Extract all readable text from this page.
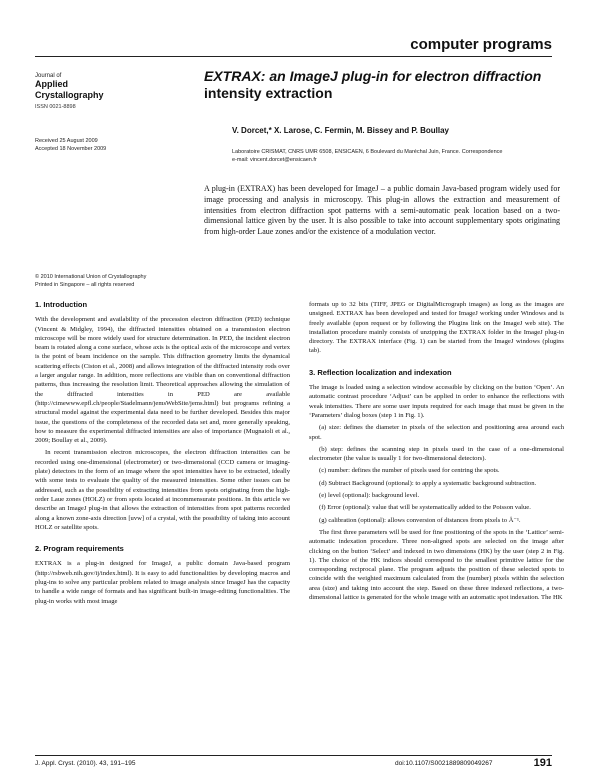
computer programs
Journal of
Applied
Crystallography
ISSN 0021-8898
Received 25 August 2009
Accepted 18 November 2009
© 2010 International Union of Crystallography
Printed in Singapore – all rights reserved
EXTRAX: an ImageJ plug-in for electron diffraction
intensity extraction
V. Dorcet,* X. Larose, C. Fermin, M. Bissey and P. Boullay
Laboratoire CRISMAT, CNRS UMR 6508, ENSICAEN, 6 Boulevard du Maréchal Juin, France. Correspondence
e-mail: vincent.dorcet@ensicaen.fr
A plug-in (EXTRAX) has been developed for ImageJ – a public domain Java-based program widely used for image processing and analysis in microscopy. This plug-in allows the extraction and measurement of intensities from electron diffraction spot patterns with a semi-automatic peak location based on a two-dimensional lattice given by the user. It is also possible to take into account supplementary spots originating from high-order Laue zones and/or the existence of a modulation vector.
1. Introduction

With the development and availability of the precession electron diffraction (PED) technique (Vincent & Midgley, 1994), the diffracted intensities obtained on a transmission electron microscope will be more widely used for structure determination. In PED, the incident electron beam is rotated along a cone surface, whose axis is the optical axis of the microscope and vertex is the point of beam incidence on the sample. This diffraction geometry limits the dynamical scattering effects (Ciston et al., 2008) and allows integration of the diffracted intensity rods over a larger angular range. In addition, more reflections are visible than on conventional diffraction patterns, thus increasing the resolution limit. Theoretical approaches allowing the simulation of the diffracted intensities in PED are available (http://cimewww.epfl.ch/people/Stadelmann/jemsWebSite/jems.html) but programs refining a structural model against the experimental data need to be further developed. Besides this major issue, the questions of the completeness of the recorded data set and, more generally speaking, how to measure the experimental diffracted intensities are also of importance (Mugnaioli et al., 2009; Boullay et al., 2009).

In recent transmission electron microscopes, the electron diffraction intensities can be recorded using one-dimensional (electrometer) or two-dimensional (CCD camera or imaging-plate) detectors in the form of an image where the spot intensities have to be extracted, ideally with some tests to evaluate the quality of the measured intensities. Some other issues can be addressed, such as the possibility of extracting intensities from spots originating from the high-order Laue zones (HOLZ) or from spots located at incommensurate positions. In this article we describe an ImageJ plug-in that allows the extraction of intensities from spot patterns recorded along a known zone-axis direction [uvw] of a crystal, with the possibility of taking into account HOLZ or satellite spots.

2. Program requirements

EXTRAX is a plug-in designed for ImageJ, a public domain Java-based program (http://rsbweb.nih.gov/ij/index.html). It is easy to add functionalities by developing macros and plug-ins to solve any particular problem related to image analysis since ImageJ has the capacity to handle a wide range of formats and has significant built-in image-editing functionalities. The plug-in works with most image

formats up to 32 bits (TIFF, JPEG or DigitalMicrograph images) as long as the images are unsigned. EXTRAX has been developed and tested for ImageJ working under Windows and is freely available (upon request or by following the Plugins link on the ImageJ web site). The installation procedure mainly consists of unzipping the EXTRAX folder in the ImageJ plug-in directory. The EXTRAX interface (Fig. 1) can be started from the ImageJ windows (plugins tab).

3. Reflection localization and indexation

The image is loaded using a selection window accessible by clicking on the button ‘Open’. An automatic contrast procedure ‘Adjust’ can be applied in order to enhance the reflections with weak intensities. There are some user inputs required for each image that must be given in the ‘Parameters’ dialog boxes (step 1 in Fig. 1).

(a) size: defines the diameter in pixels of the selection and positioning area around each spot.

(b) step: defines the scanning step in pixels used in the case of a one-dimensional electrometer (the value is usually 1 for two-dimensional detectors).

(c) number: defines the number of pixels used for centring the spots.

(d) Subtract Background (optional): to apply a systematic background subtraction.

(e) level (optional): background level.

(f) Error (optional): value that will be systematically added to the Poisson value.

(g) calibration (optional): allows conversion of distances from pixels to Å⁻¹.

The first three parameters will be used for fine positioning of the spots in the ‘Lattice’ semi-automatic indexation procedure. Three non-aligned spots are selected on the image after clicking on the button ‘Select’ and indexed in two dimensions (HK) by the user (step 2 in Fig. 1). The choice of the HK indices should correspond to the smallest primitive lattice for the corresponding reciprocal plane. The program adjusts the position of these selected spots to coincide with the weighted maximum calculated from the (number) pixels within the selection area (size) and taking into account the step. Based on these three indexed reflections, a two-dimensional lattice is generated for the whole image with an automatic spot indexation. The HK

J. Appl. Cryst. (2010). 43, 191–195	doi:10.1107/S0021889809049267	191
